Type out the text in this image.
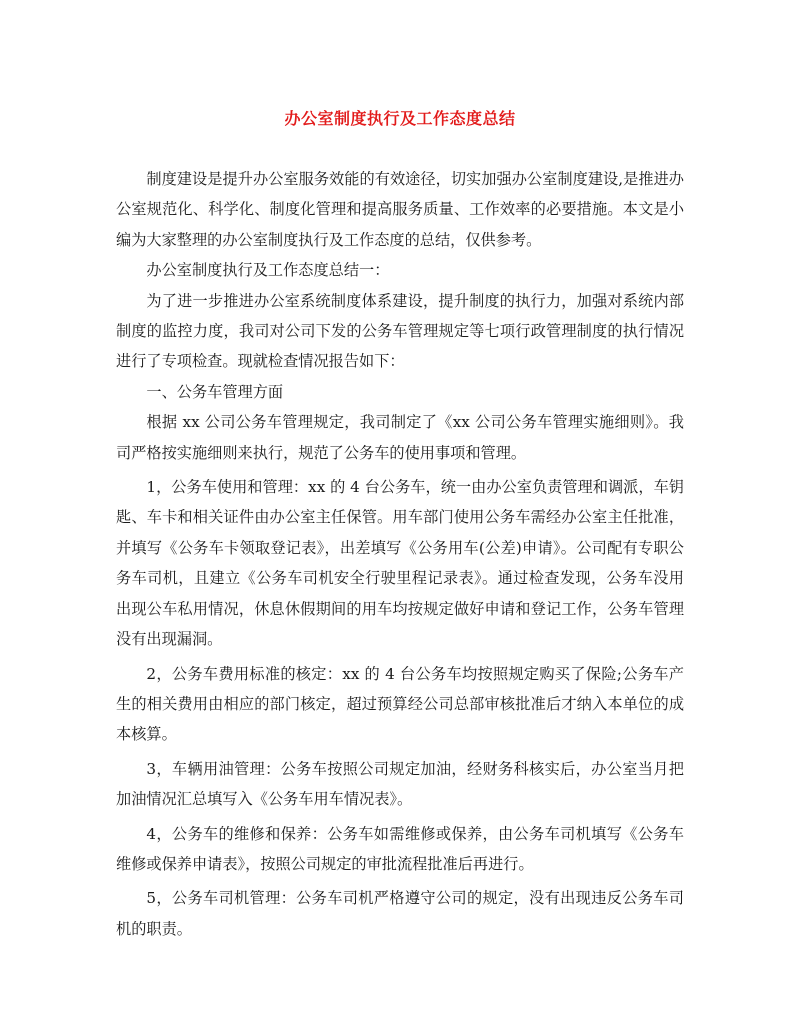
办公室制度执行及工作态度总结

制度建设是提升办公室服务效能的有效途径，切实加强办公室制度建设,是推进办公室规范化、科学化、制度化管理和提高服务质量、工作效率的必要措施。本文是小编为大家整理的办公室制度执行及工作态度的总结，仅供参考。

办公室制度执行及工作态度总结一：

为了进一步推进办公室系统制度体系建设，提升制度的执行力，加强对系统内部制度的监控力度，我司对公司下发的公务车管理规定等七项行政管理制度的执行情况进行了专项检查。现就检查情况报告如下：

一、公务车管理方面

根据 xx 公司公务车管理规定，我司制定了《xx 公司公务车管理实施细则》。我司严格按实施细则来执行，规范了公务车的使用事项和管理。

1，公务车使用和管理：xx 的 4 台公务车，统一由办公室负责管理和调派，车钥匙、车卡和相关证件由办公室主任保管。用车部门使用公务车需经办公室主任批准，并填写《公务车卡领取登记表》，出差填写《公务用车(公差)申请》。公司配有专职公务车司机，且建立《公务车司机安全行驶里程记录表》。通过检查发现，公务车没用出现公车私用情况，休息休假期间的用车均按规定做好申请和登记工作，公务车管理没有出现漏洞。

2，公务车费用标准的核定：xx 的 4 台公务车均按照规定购买了保险;公务车产生的相关费用由相应的部门核定，超过预算经公司总部审核批准后才纳入本单位的成本核算。

3，车辆用油管理：公务车按照公司规定加油，经财务科核实后，办公室当月把加油情况汇总填写入《公务车用车情况表》。

4，公务车的维修和保养：公务车如需维修或保养，由公务车司机填写《公务车维修或保养申请表》，按照公司规定的审批流程批准后再进行。

5，公务车司机管理：公务车司机严格遵守公司的规定，没有出现违反公务车司机的职责。
